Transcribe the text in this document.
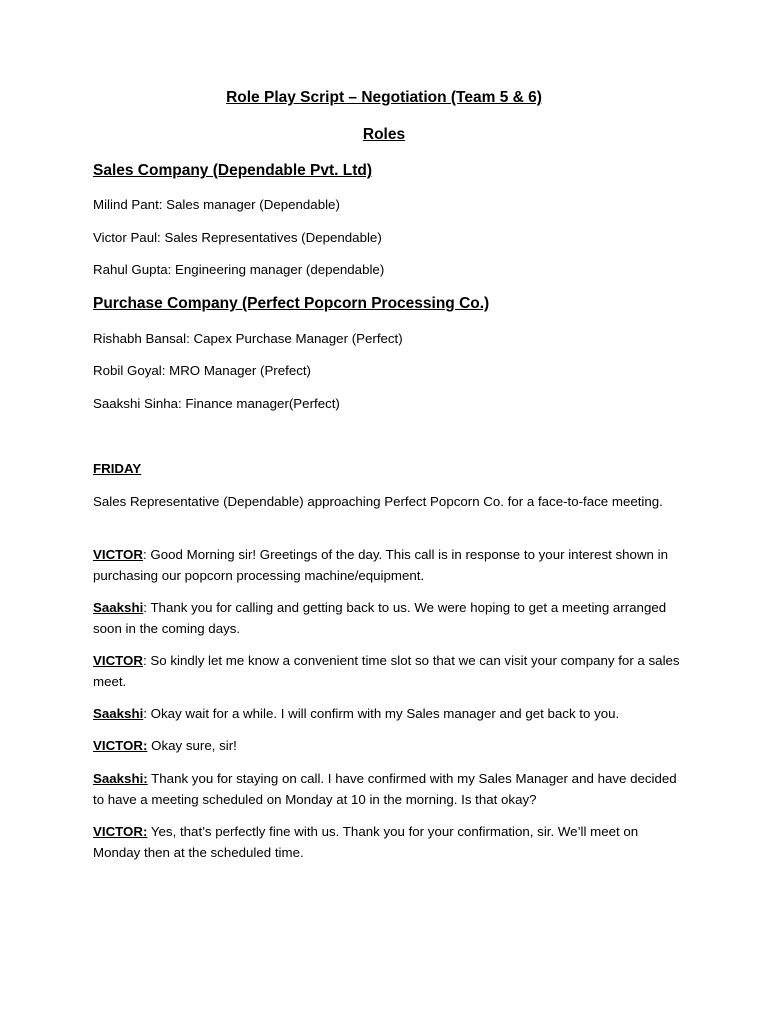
Role Play Script – Negotiation (Team 5 & 6)
Roles
Sales Company (Dependable Pvt. Ltd)

Milind Pant: Sales manager (Dependable)

Victor Paul: Sales Representatives (Dependable)

Rahul Gupta: Engineering manager (dependable)

Purchase Company (Perfect Popcorn Processing Co.)

Rishabh Bansal: Capex Purchase Manager (Perfect)

Robil Goyal: MRO Manager (Prefect)

Saakshi Sinha: Finance manager(Perfect)

FRIDAY

Sales Representative (Dependable) approaching Perfect Popcorn Co. for a face-to-face meeting.

VICTOR: Good Morning sir! Greetings of the day. This call is in response to your interest shown in purchasing our popcorn processing machine/equipment.

Saakshi: Thank you for calling and getting back to us. We were hoping to get a meeting arranged soon in the coming days.

VICTOR: So kindly let me know a convenient time slot so that we can visit your company for a sales meet.

Saakshi: Okay wait for a while. I will confirm with my Sales manager and get back to you.

VICTOR: Okay sure, sir!

Saakshi: Thank you for staying on call. I have confirmed with my Sales Manager and have decided to have a meeting scheduled on Monday at 10 in the morning. Is that okay?

VICTOR: Yes, that’s perfectly fine with us. Thank you for your confirmation, sir. We’ll meet on Monday then at the scheduled time.
